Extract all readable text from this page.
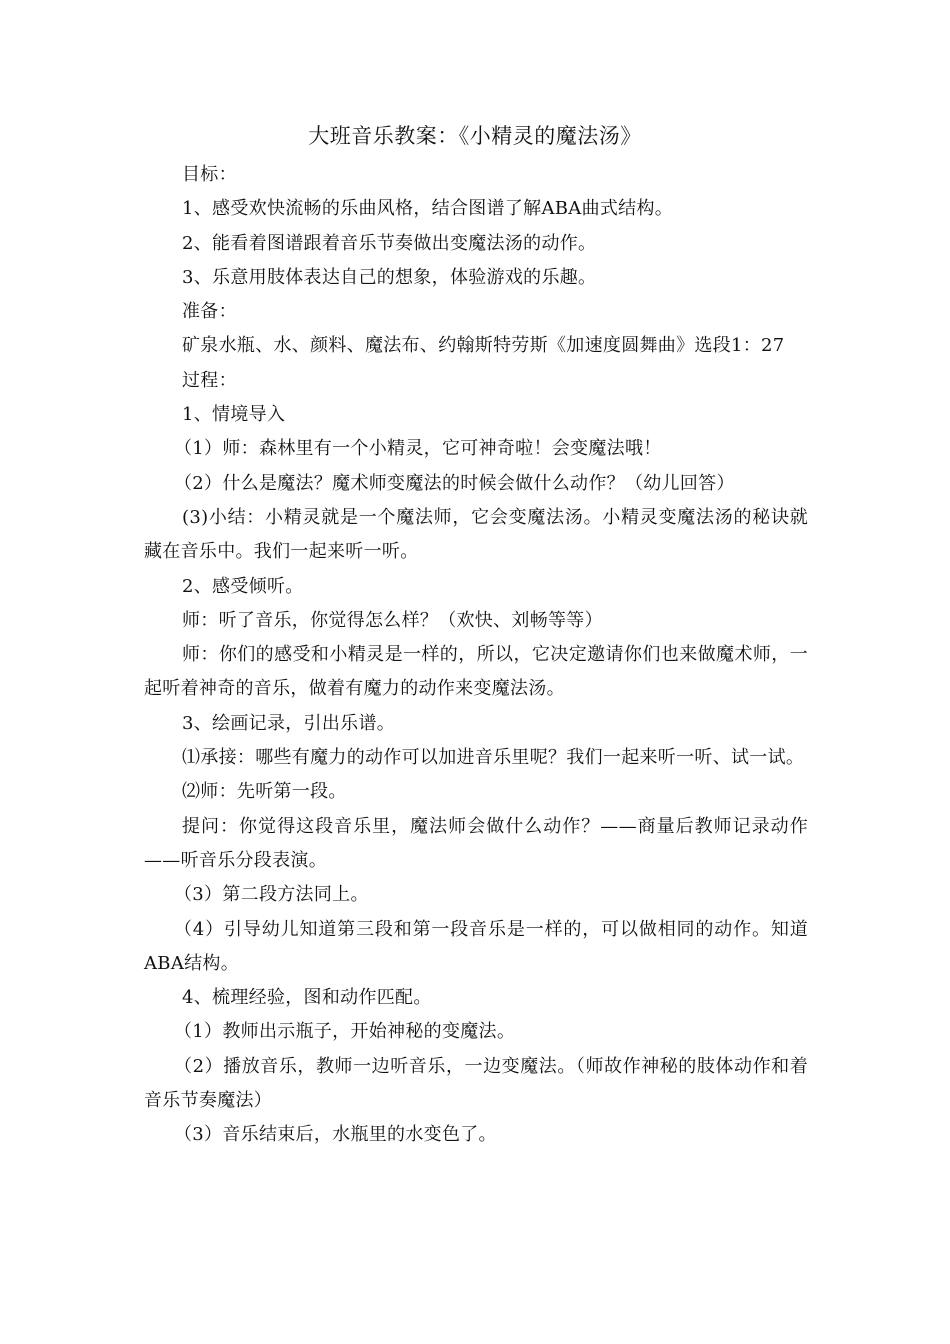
大班音乐教案：《小精灵的魔法汤》

目标：

1、感受欢快流畅的乐曲风格，结合图谱了解ABA曲式结构。

2、能看着图谱跟着音乐节奏做出变魔法汤的动作。

3、乐意用肢体表达自己的想象，体验游戏的乐趣。

准备：

矿泉水瓶、水、颜料、魔法布、约翰斯特劳斯《加速度圆舞曲》选段1：27

过程：

1、情境导入

（1）师：森林里有一个小精灵，它可神奇啦！会变魔法哦！

（2）什么是魔法？魔术师变魔法的时候会做什么动作？（幼儿回答）

(3)小结：小精灵就是一个魔法师，它会变魔法汤。小精灵变魔法汤的秘诀就藏在音乐中。我们一起来听一听。

2、感受倾听。

师：听了音乐，你觉得怎么样？（欢快、刘畅等等）

师：你们的感受和小精灵是一样的，所以，它决定邀请你们也来做魔术师，一起听着神奇的音乐，做着有魔力的动作来变魔法汤。

3、绘画记录，引出乐谱。

⑴承接：哪些有魔力的动作可以加进音乐里呢？我们一起来听一听、试一试。

⑵师：先听第一段。

提问：你觉得这段音乐里，魔法师会做什么动作？——商量后教师记录动作——听音乐分段表演。

（3）第二段方法同上。

（4）引导幼儿知道第三段和第一段音乐是一样的，可以做相同的动作。知道ABA结构。

4、梳理经验，图和动作匹配。

（1）教师出示瓶子，开始神秘的变魔法。

（2）播放音乐，教师一边听音乐，一边变魔法。（师故作神秘的肢体动作和着音乐节奏魔法）

（3）音乐结束后，水瓶里的水变色了。
